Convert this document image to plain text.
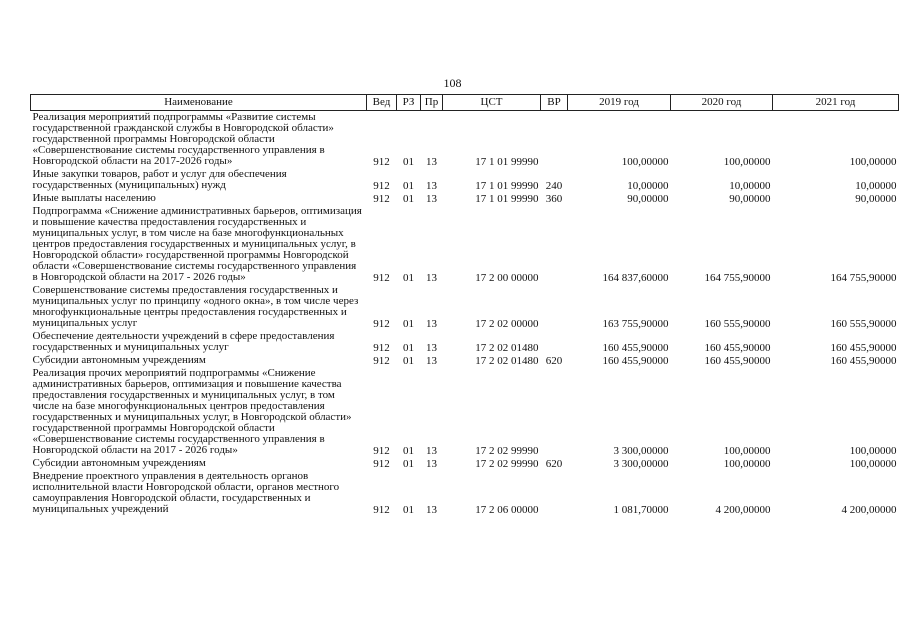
108
Наименование	Вед	РЗ	Пр	ЦСТ	ВР	2019 год	2020 год	2021 год
Реализация мероприятий подпрограммы «Развитие системы государственной гражданской службы в Новгородской области» государственной программы Новгородской области «Совершенствование системы государственного управления в Новгородской области на 2017-2026 годы»	912	01	13	17 1 01 99990		100,00000	100,00000	100,00000
Иные закупки товаров, работ и услуг для обеспечения государственных (муниципальных) нужд	912	01	13	17 1 01 99990	240	10,00000	10,00000	10,00000
Иные выплаты населению	912	01	13	17 1 01 99990	360	90,00000	90,00000	90,00000
Подпрограмма «Снижение административных барьеров, оптимизация и повышение качества предоставления государственных и муниципальных услуг, в том числе на базе многофункциональных центров предоставления государственных и муниципальных услуг, в Новгородской области» государственной программы Новгородской области «Совершенствование системы государственного управления в Новгородской области на 2017 - 2026 годы»	912	01	13	17 2 00 00000		164 837,60000	164 755,90000	164 755,90000
Совершенствование системы предоставления государственных и муниципальных услуг по принципу «одного окна», в том числе через многофункциональные центры предоставления государственных и муниципальных услуг	912	01	13	17 2 02 00000		163 755,90000	160 555,90000	160 555,90000
Обеспечение деятельности учреждений в сфере предоставления государственных и муниципальных услуг	912	01	13	17 2 02 01480		160 455,90000	160 455,90000	160 455,90000
Субсидии автономным учреждениям	912	01	13	17 2 02 01480	620	160 455,90000	160 455,90000	160 455,90000
Реализация прочих мероприятий подпрограммы «Снижение административных барьеров, оптимизация и повышение качества предоставления государственных и муниципальных услуг, в том числе на базе многофункциональных центров предоставления государственных и муниципальных услуг, в Новгородской области» государственной программы Новгородской области «Совершенствование системы государственного управления в Новгородской области на 2017 - 2026 годы»	912	01	13	17 2 02 99990		3 300,00000	100,00000	100,00000
Субсидии автономным учреждениям	912	01	13	17 2 02 99990	620	3 300,00000	100,00000	100,00000
Внедрение проектного управления в деятельность органов исполнительной власти Новгородской области, органов местного самоуправления Новгородской области, государственных и муниципальных учреждений	912	01	13	17 2 06 00000		1 081,70000	4 200,00000	4 200,00000
